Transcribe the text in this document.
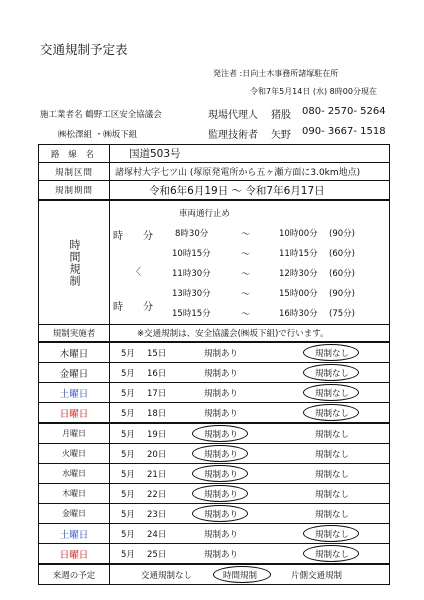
交通規制予定表
発注者 :日向土木事務所諸塚駐在所
令和7年5月14日 (水) 8時00分現在
施工業者名 鶴野工区安全協議会	現場代理人 猪股 080- 2570- 5264
㈱松澤組 ・㈱坂下組	監理技術者 矢野 090- 3667- 1518
路 線 名	国道503号
規制区間	諸塚村大字七ツ山 (塚原発電所から五ヶ瀬方面に3.0km地点)
規制期間	令和6年6月19日 〜 令和7年6月17日
時間規制
車両通行止め
時 分
〈
時 分
8時30分	〜	10時00分 (90分)
10時15分	〜	11時15分 (60分)
11時30分	〜	12時30分 (60分)
13時30分	〜	15時00分 (90分)
15時15分	〜	16時30分 (75分)
規制実施者	※交通規制は、安全協議会(㈱坂下組)で行います。
木曜日	5月 15日	規制あり	規制なし
金曜日	5月 16日	規制あり	規制なし
土曜日	5月 17日	規制あり	規制なし
日曜日	5月 18日	規制あり	規制なし
月曜日	5月 19日	規制あり	規制なし
火曜日	5月 20日	規制あり	規制なし
水曜日	5月 21日	規制あり	規制なし
木曜日	5月 22日	規制あり	規制なし
金曜日	5月 23日	規制あり	規制なし
土曜日	5月 24日	規制あり	規制なし
日曜日	5月 25日	規制あり	規制なし
来週の予定	交通規制なし	時間規制	片側交通規制
